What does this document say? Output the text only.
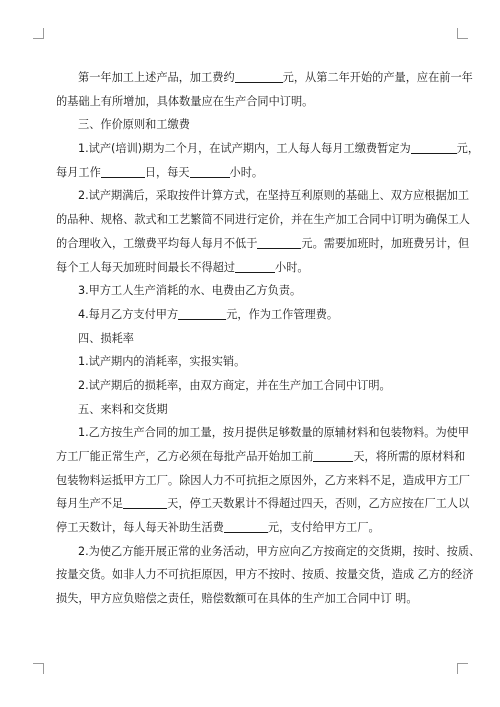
第一年加工上述产品，加工费约	元，从第二年开始的产量，应在前一年
的基础上有所增加，具体数量应在生产合同中订明。
三、作价原则和工缴费
1.试产(培训)期为二个月，在试产期内，工人每人每月工缴费暂定为	元，
每月工作	日，每天	小时。
2.试产期满后，采取按件计算方式，在坚持互利原则的基础上、双方应根据加工
的品种、规格、款式和工艺繁简不同进行定价，并在生产加工合同中订明为确保工人
的合理收入，工缴费平均每人每月不低于	元。需要加班时，加班费另计，但
每个工人每天加班时间最长不得超过	小时。
3.甲方工人生产消耗的水、电费由乙方负责。
4.每月乙方支付甲方	元，作为工作管理费。
四、损耗率
1.试产期内的消耗率，实报实销。
2.试产期后的损耗率，由双方商定，并在生产加工合同中订明。
五、来料和交货期
1.乙方按生产合同的加工量，按月提供足够数量的原辅材料和包装物料。为使甲
方工厂能正常生产，乙方必须在每批产品开始加工前	天，将所需的原材料和
包装物料运抵甲方工厂。除因人力不可抗拒之原因外，乙方来料不足，造成甲方工厂
每月生产不足	天，停工天数累计不得超过四天，否则，乙方应按在厂工人以
停工天数计，每人每天补助生活费	元，支付给甲方工厂。
2.为使乙方能开展正常的业务活动，甲方应向乙方按商定的交货期，按时、按质、
按量交货。如非人力不可抗拒原因，甲方不按时、按质、按量交货，造成 乙方的经济
损失，甲方应负赔偿之责任，赔偿数额可在具体的生产加工合同中订 明。
